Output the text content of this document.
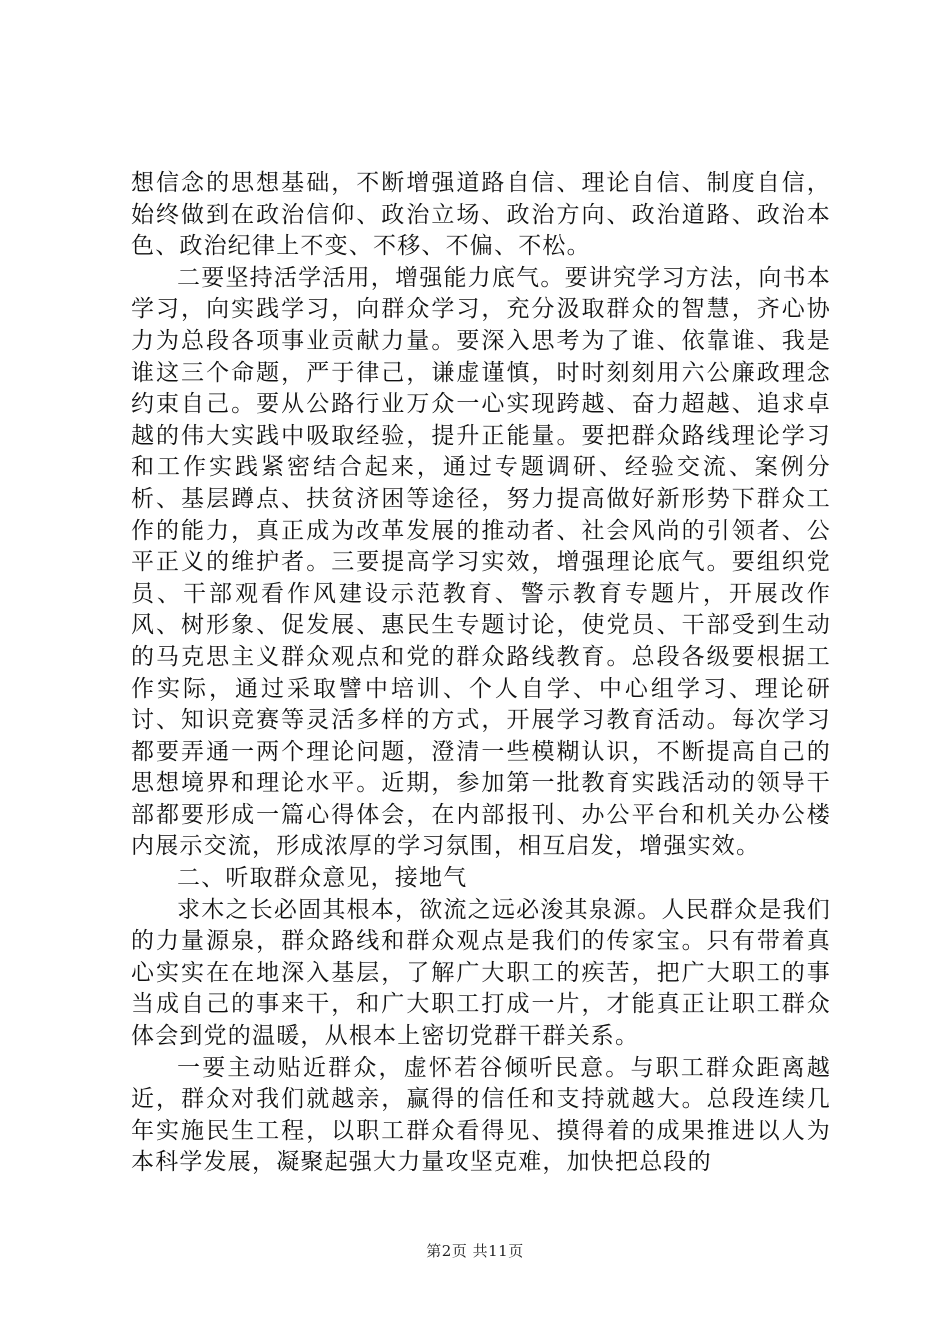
想信念的思想基础，不断增强道路自信、理论自信、制度自信，始终做到在政治信仰、政治立场、政治方向、政治道路、政治本色、政治纪律上不变、不移、不偏、不松。

二要坚持活学活用，增强能力底气。要讲究学习方法，向书本学习，向实践学习，向群众学习，充分汲取群众的智慧，齐心协力为总段各项事业贡献力量。要深入思考为了谁、依靠谁、我是谁这三个命题，严于律己，谦虚谨慎，时时刻刻用六公廉政理念约束自己。要从公路行业万众一心实现跨越、奋力超越、追求卓越的伟大实践中吸取经验，提升正能量。要把群众路线理论学习和工作实践紧密结合起来，通过专题调研、经验交流、案例分析、基层蹲点、扶贫济困等途径，努力提高做好新形势下群众工作的能力，真正成为改革发展的推动者、社会风尚的引领者、公平正义的维护者。三要提高学习实效，增强理论底气。要组织党员、干部观看作风建设示范教育、警示教育专题片，开展改作风、树形象、促发展、惠民生专题讨论，使党员、干部受到生动的马克思主义群众观点和党的群众路线教育。总段各级要根据工作实际，通过采取譬中培训、个人自学、中心组学习、理论研讨、知识竞赛等灵活多样的方式，开展学习教育活动。每次学习都要弄通一两个理论问题，澄清一些模糊认识，不断提高自己的思想境界和理论水平。近期，参加第一批教育实践活动的领导干部都要形成一篇心得体会，在内部报刊、办公平台和机关办公楼内展示交流，形成浓厚的学习氛围，相互启发，增强实效。

二、听取群众意见，接地气

求木之长必固其根本，欲流之远必浚其泉源。人民群众是我们的力量源泉，群众路线和群众观点是我们的传家宝。只有带着真心实实在在地深入基层，了解广大职工的疾苦，把广大职工的事当成自己的事来干，和广大职工打成一片，才能真正让职工群众体会到党的温暖，从根本上密切党群干群关系。

一要主动贴近群众，虚怀若谷倾听民意。与职工群众距离越近，群众对我们就越亲，赢得的信任和支持就越大。总段连续几年实施民生工程，以职工群众看得见、摸得着的成果推进以人为本科学发展，凝聚起强大力量攻坚克难，加快把总段的

第2页 共11页
